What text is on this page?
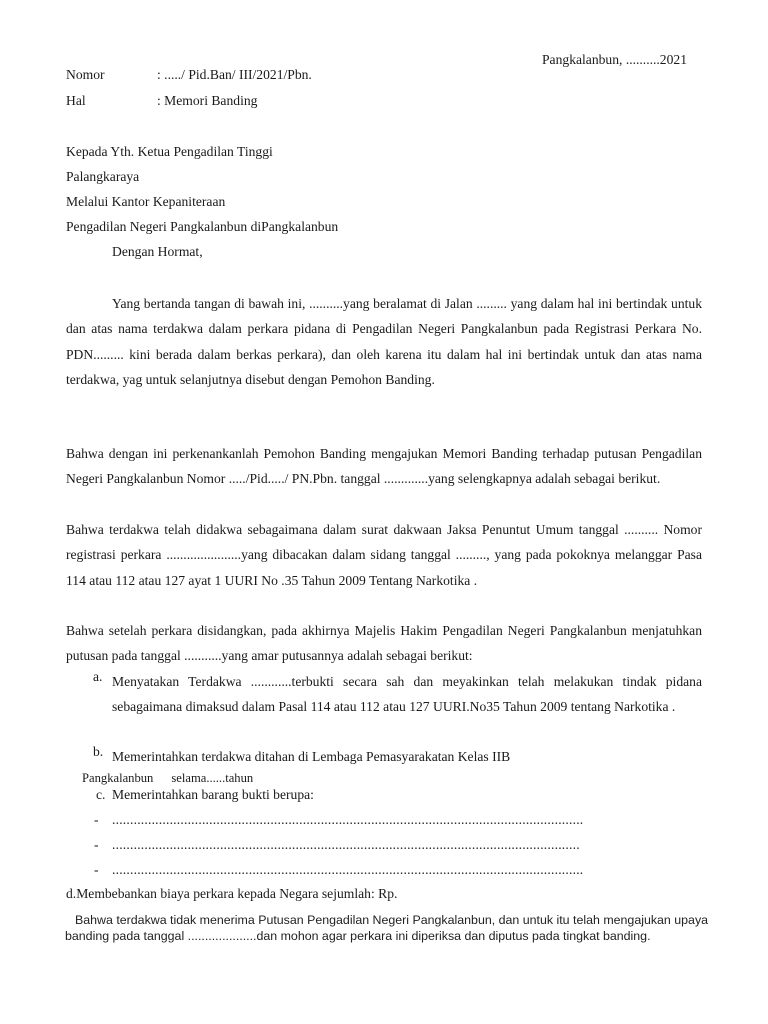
Pangkalanbun, ..........2021
Nomor	: ...../ Pid.Ban/ III/2021/Pbn.
Hal	: Memori Banding
Kepada Yth. Ketua Pengadilan Tinggi
Palangkaraya
Melalui Kantor Kepaniteraan
Pengadilan Negeri Pangkalanbun diPangkalanbun
Dengan Hormat,
Yang bertanda tangan di bawah ini, ..........yang beralamat di Jalan ......... yang dalam hal ini bertindak untuk dan atas nama terdakwa dalam perkara pidana di Pengadilan Negeri Pangkalanbun pada Registrasi Perkara No. PDN......... kini berada dalam berkas perkara), dan oleh karena itu dalam hal ini bertindak untuk dan atas nama terdakwa, yag untuk selanjutnya disebut dengan Pemohon Banding.
Bahwa dengan ini perkenankanlah Pemohon Banding mengajukan Memori Banding terhadap putusan Pengadilan Negeri Pangkalanbun Nomor ...../Pid...../ PN.Pbn. tanggal .............yang selengkapnya adalah sebagai berikut.
Bahwa terdakwa telah didakwa sebagaimana dalam surat dakwaan Jaksa Penuntut Umum tanggal .......... Nomor registrasi perkara ......................yang dibacakan dalam sidang tanggal ........., yang pada pokoknya melanggar Pasa 114 atau 112 atau 127 ayat 1 UURI No .35 Tahun 2009 Tentang Narkotika .
Bahwa setelah perkara disidangkan, pada akhirnya Majelis Hakim Pengadilan Negeri Pangkalanbun menjatuhkan putusan pada tanggal ...........yang amar putusannya adalah sebagai berikut:
a. Menyatakan Terdakwa ............terbukti secara sah dan meyakinkan telah melakukan tindak pidana sebagaimana dimaksud dalam Pasal 114 atau 112 atau 127 UURI.No35 Tahun 2009 tentang Narkotika .
b. Memerintahkan terdakwa ditahan di Lembaga Pemasyarakatan Kelas IIB
Pangkalanbun selama......tahun
c. Memerintahkan barang bukti berupa:
- ...................................................................................................................................
- ..................................................................................................................................
- ...................................................................................................................................
d.Membebankan biaya perkara kepada Negara sejumlah: Rp.
Bahwa terdakwa tidak menerima Putusan Pengadilan Negeri Pangkalanbun, dan untuk itu telah mengajukan upaya banding pada tanggal ....................dan mohon agar perkara ini diperiksa dan diputus pada tingkat banding.
